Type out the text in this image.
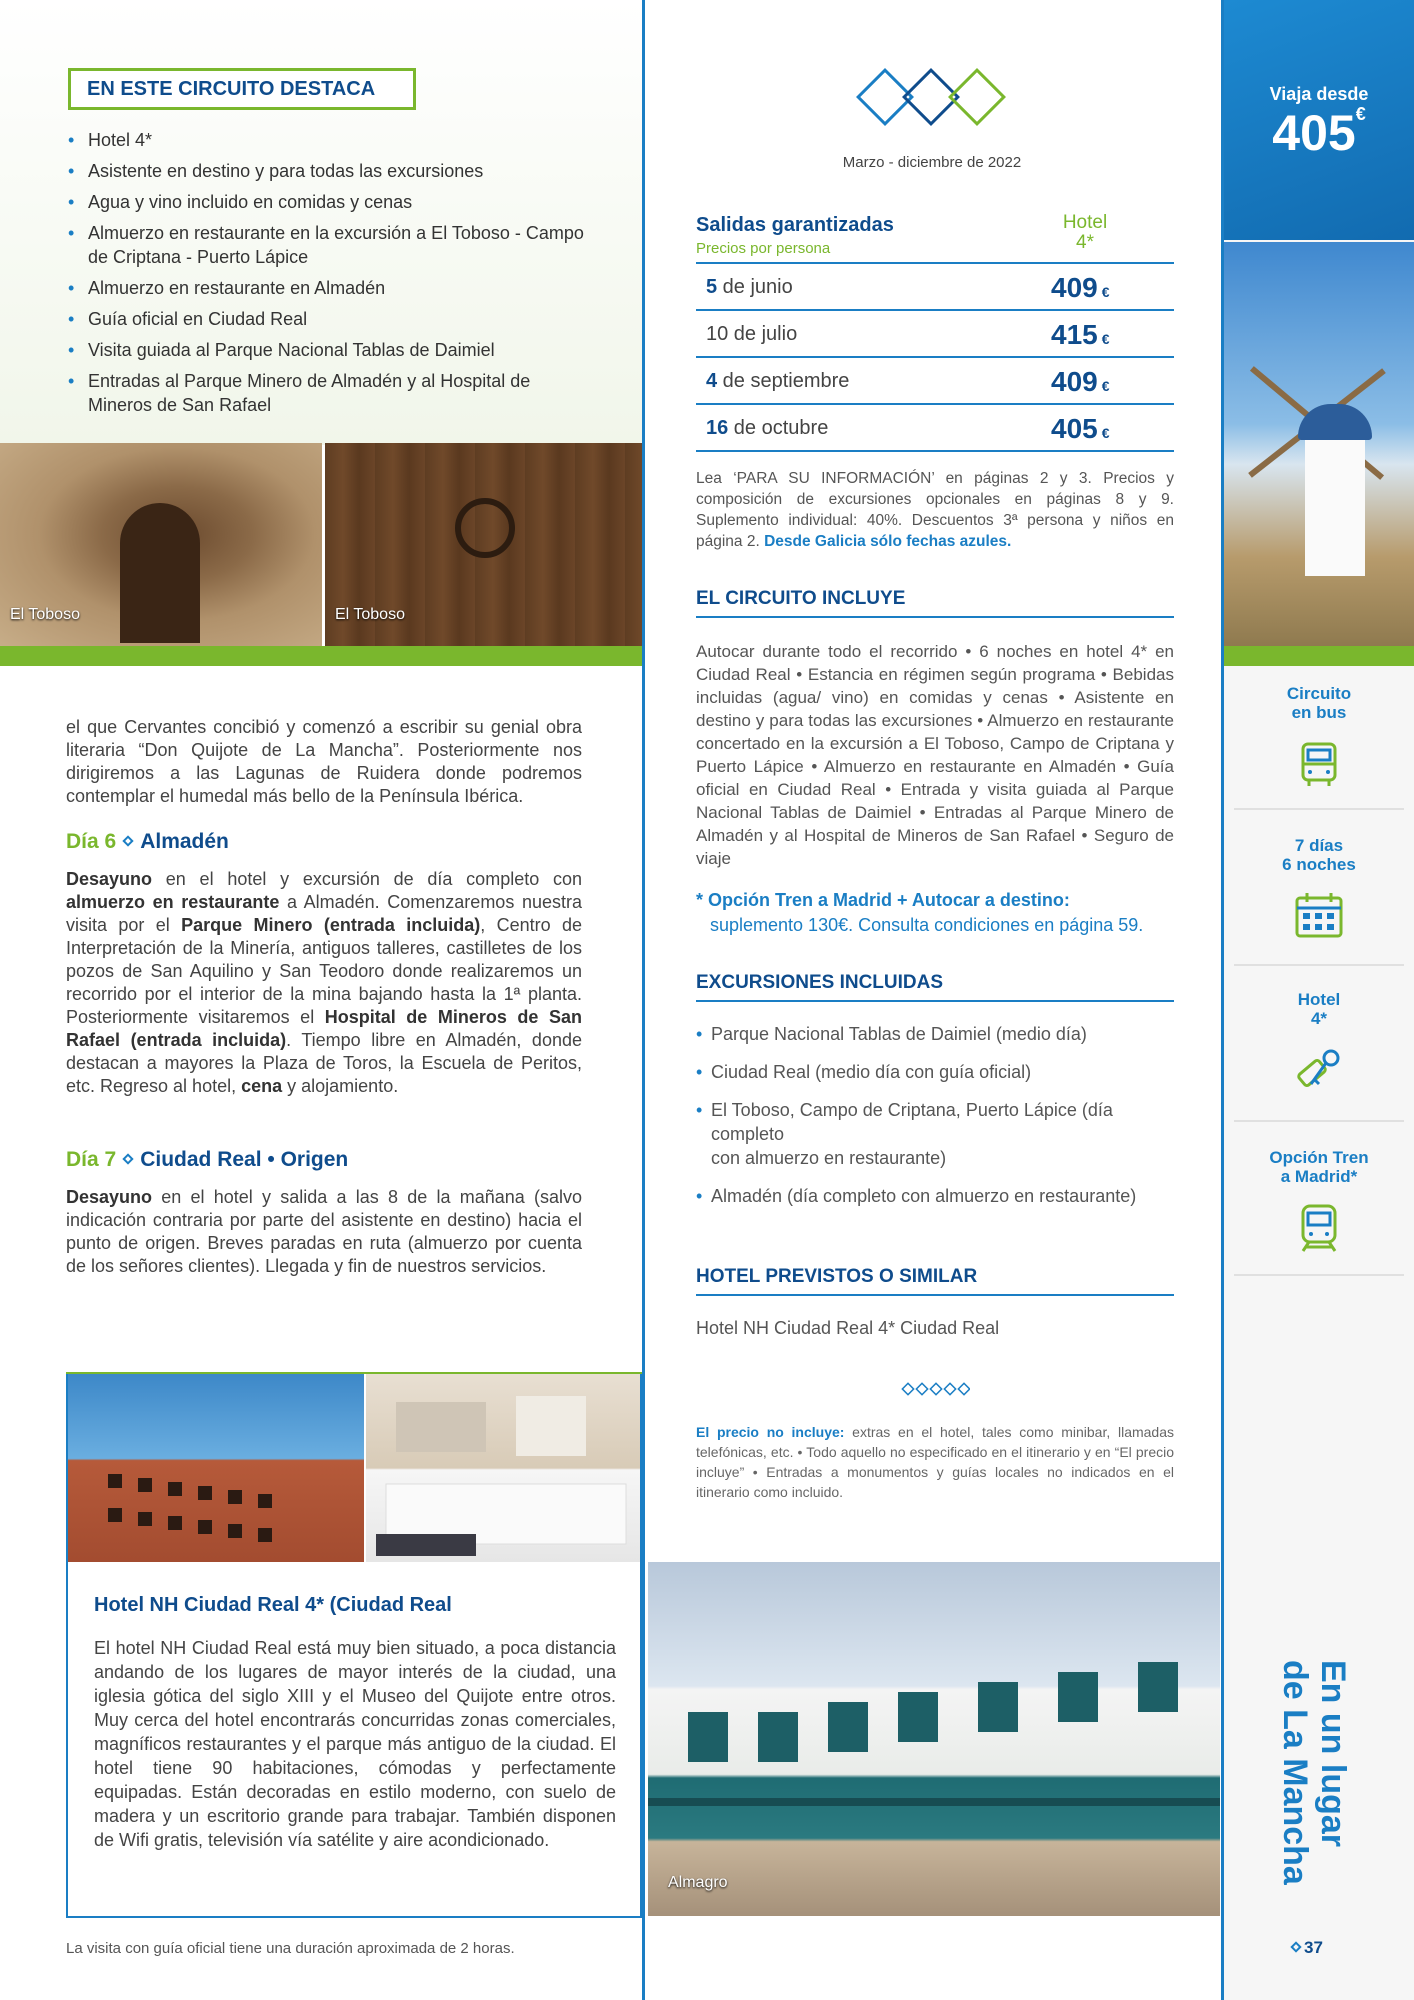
EN ESTE CIRCUITO DESTACA
• Hotel 4*
• Asistente en destino y para todas las excursiones
• Agua y vino incluido en comidas y cenas
• Almuerzo en restaurante en la excursión a El Toboso - Campo de Criptana - Puerto Lápice
• Almuerzo en restaurante en Almadén
• Guía oficial en Ciudad Real
• Visita guiada al Parque Nacional Tablas de Daimiel
• Entradas al Parque Minero de Almadén y al Hospital de Mineros de San Rafael
El Toboso	El Toboso

el que Cervantes concibió y comenzó a escribir su genial obra literaria “Don Quijote de La Mancha”. Posteriormente nos dirigiremos a las Lagunas de Ruidera donde podremos contemplar el humedal más bello de la Península Ibérica.

Día 6 Almadén

Desayuno en el hotel y excursión de día completo con almuerzo en restaurante a Almadén. Comenzaremos nuestra visita por el Parque Minero (entrada incluida), Centro de Interpretación de la Minería, antiguos talleres, castilletes de los pozos de San Aquilino y San Teodoro donde realizaremos un recorrido por el interior de la mina bajando hasta la 1ª planta. Posteriormente visitaremos el Hospital de Mineros de San Rafael (entrada incluida). Tiempo libre en Almadén, donde destacan a mayores la Plaza de Toros, la Escuela de Peritos, etc. Regreso al hotel, cena y alojamiento.

Día 7 Ciudad Real • Origen

Desayuno en el hotel y salida a las 8 de la mañana (salvo indicación contraria por parte del asistente en destino) hacia el punto de origen. Breves paradas en ruta (almuerzo por cuenta de los señores clientes). Llegada y fin de nuestros servicios.

Hotel NH Ciudad Real 4* (Ciudad Real

El hotel NH Ciudad Real está muy bien situado, a poca distancia andando de los lugares de mayor interés de la ciudad, una iglesia gótica del siglo XIII y el Museo del Quijote entre otros. Muy cerca del hotel encontrarás concurridas zonas comerciales, magníficos restaurantes y el parque más antiguo de la ciudad. El hotel tiene 90 habitaciones, cómodas y perfectamente equipadas. Están decoradas en estilo moderno, con suelo de madera y un escritorio grande para trabajar. También disponen de Wifi gratis, televisión vía satélite y aire acondicionado.

La visita con guía oficial tiene una duración aproximada de 2 horas.
Marzo - diciembre de 2022
Salidas garantizadas
Precios por persona
Hotel
4*
5 de junio	409 €
10 de julio	415 €
4 de septiembre	409 €
16 de octubre	405 €

Lea ‘PARA SU INFORMACIÓN’ en páginas 2 y 3. Precios y composición de excursiones opcionales en páginas 8 y 9. Suplemento individual: 40%. Descuentos 3ª persona y niños en página 2. Desde Galicia sólo fechas azules.

EL CIRCUITO INCLUYE

Autocar durante todo el recorrido • 6 noches en hotel 4* en Ciudad Real • Estancia en régimen según programa • Bebidas incluidas (agua/ vino) en comidas y cenas • Asistente en destino y para todas las excursiones • Almuerzo en restaurante concertado en la excursión a El Toboso, Campo de Criptana y Puerto Lápice • Almuerzo en restaurante en Almadén • Guía oficial en Ciudad Real • Entrada y visita guiada al Parque Nacional Tablas de Daimiel • Entradas al Parque Minero de Almadén y al Hospital de Mineros de San Rafael • Seguro de viaje

* Opción Tren a Madrid + Autocar a destino:
suplemento 130€. Consulta condiciones en página 59.
EXCURSIONES INCLUIDAS
• Parque Nacional Tablas de Daimiel (medio día)
• Ciudad Real (medio día con guía oficial)
• El Toboso, Campo de Criptana, Puerto Lápice (día completo
con almuerzo en restaurante)
• Almadén (día completo con almuerzo en restaurante)
HOTEL PREVISTOS O SIMILAR
Hotel NH Ciudad Real 4* Ciudad Real

El precio no incluye: extras en el hotel, tales como minibar, llamadas telefónicas, etc. • Todo aquello no especificado en el itinerario y en “El precio incluye” • Entradas a monumentos y guías locales no indicados en el itinerario como incluido.

Almagro
Viaja desde
405€
Circuito
en bus
7 días
6 noches
Hotel
4*
Opción Tren
a Madrid*
En un lugar
de La Mancha
37
